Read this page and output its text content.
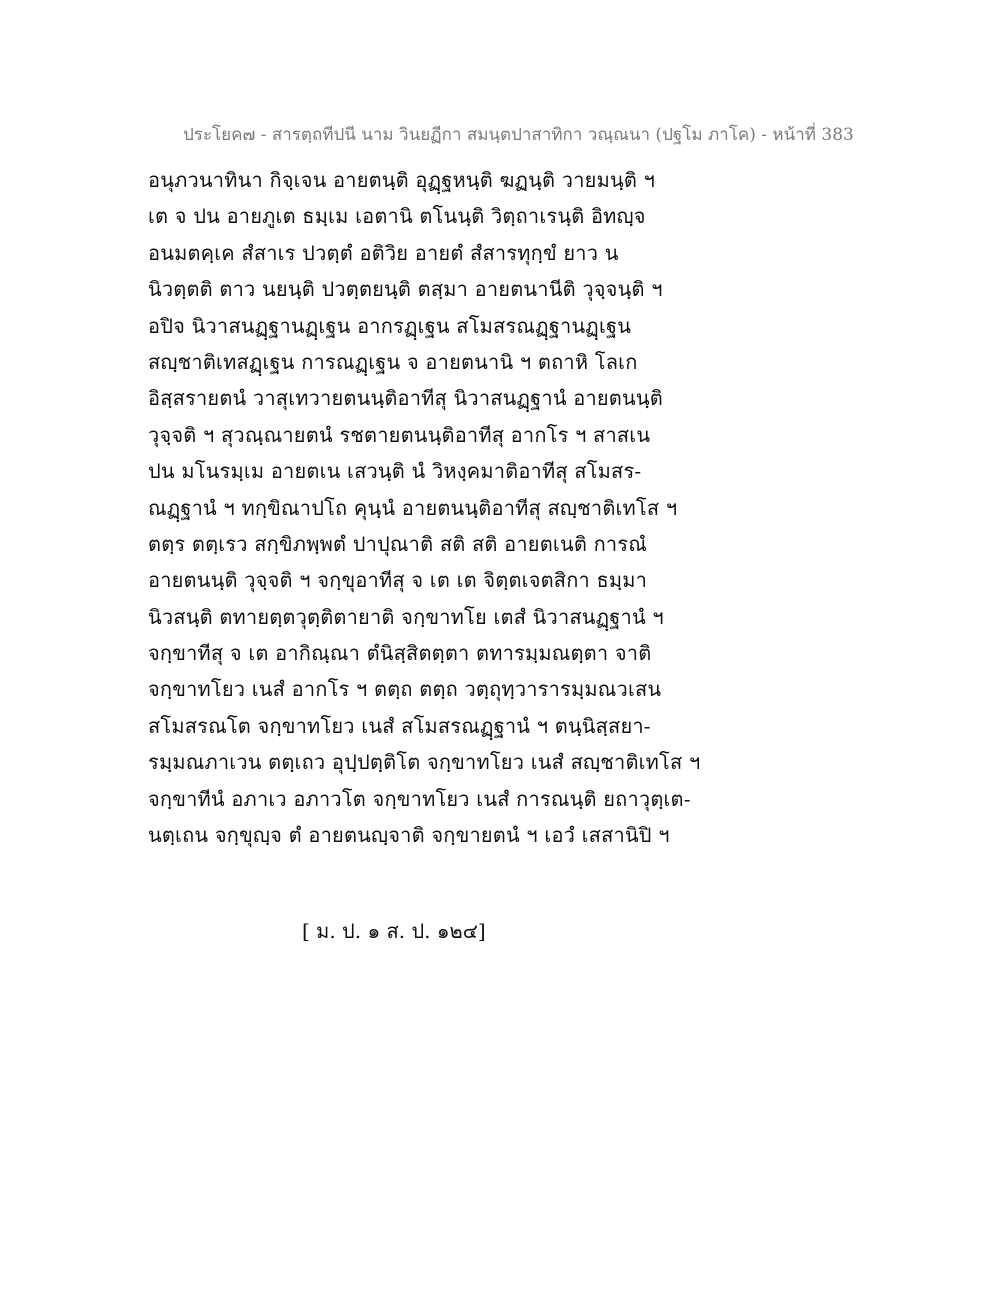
ประโยค๗ - สารตฺถทีปนี นาม วินยฏีกา สมนฺตปาสาทิกา วณฺณนา (ปฐโม ภาโค) - หน้าที่ 383
อนุภวนาทินา กิจฺเจน อายตนฺติ อุฏฺฐหนฺติ ฆฏนฺติ วายมนฺติ ฯ
เต จ ปน อายภูเต ธมฺเม เอตานิ ตโนนฺติ วิตฺถาเรนฺติ อิทญฺจ
อนมตคฺเค สํสาเร ปวตฺตํ อติวิย อายตํ สํสารทุกฺขํ ยาว น
นิวตฺตติ ตาว นยนฺติ ปวตฺตยนฺติ ตสฺมา อายตนานีติ วุจฺจนฺติ ฯ
อปิจ นิวาสนฏฺฐานฏฺเฐน อากรฏฺเฐน สโมสรณฏฺฐานฏฺเฐน
สญฺชาติเทสฏฺเฐน การณฏฺเฐน จ อายตนานิ ฯ ตถาหิ โลเก
อิสฺสรายตนํ วาสุเทวายตนนฺติอาทีสุ นิวาสนฏฺฐานํ อายตนนฺติ
วุจฺจติ ฯ สุวณฺณายตนํ รชตายตนนฺติอาทีสุ อากโร ฯ สาสเน
ปน มโนรมฺเม อายตเน เสวนฺติ นํ วิหงฺคมาติอาทีสุ สโมสร-
ณฏฺฐานํ ฯ ทกฺขิณาปโถ คุนฺนํ อายตนนฺติอาทีสุ สญฺชาติเทโส ฯ
ตตฺร ตตฺเรว สกฺขิภพฺพตํ ปาปุณาติ สติ สติ อายตเนติ การณํ
อายตนนฺติ วุจฺจติ ฯ จกฺขุอาทีสุ จ เต เต จิตฺตเจตสิกา ธมฺมา
นิวสนฺติ ตทายตฺตวุตฺติตายาติ จกฺขาทโย เตสํ นิวาสนฏฺฐานํ ฯ
จกฺขาทีสุ จ เต อากิณฺณา ตํนิสฺสิตตฺตา ตทารมฺมณตฺตา จาติ
จกฺขาทโยว เนสํ อากโร ฯ ตตฺถ ตตฺถ วตฺถุทฺวารารมฺมณวเสน
สโมสรณโต จกฺขาทโยว เนสํ สโมสรณฏฺฐานํ ฯ ตนฺนิสฺสยา-
รมฺมณภาเวน ตตฺเถว อุปฺปตฺติโต จกฺขาทโยว เนสํ สญฺชาติเทโส ฯ
จกฺขาทีนํ อภาเว อภาวโต จกฺขาทโยว เนสํ การณนฺติ ยถาวุตฺเต-
นตฺเถน จกฺขุญฺจ ตํ อายตนญฺจาติ จกฺขายตนํ ฯ เอวํ เสสานิปิ ฯ
[ ม. ป. ๑ ส. ป. ๑๒๔]
